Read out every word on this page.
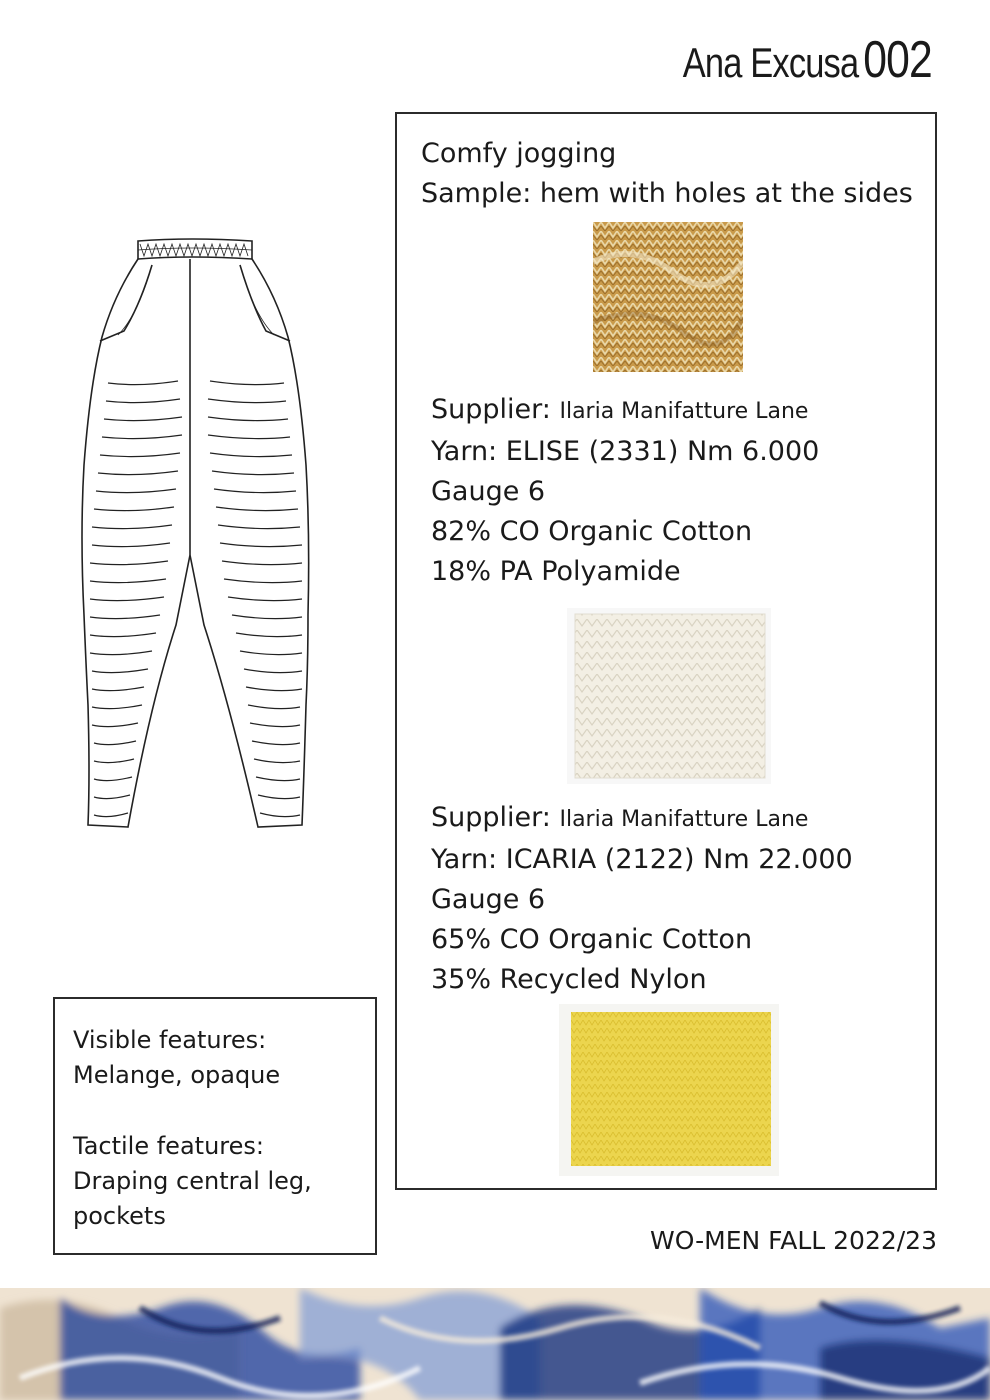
Ana Excusa002
Comfy jogging
Sample: hem with holes at the sides
Supplier: Ilaria Manifatture Lane
Yarn: ELISE (2331) Nm 6.000
Gauge 6
82% CO Organic Cotton
18% PA Polyamide
Supplier: Ilaria Manifatture Lane
Yarn: ICARIA (2122) Nm 22.000
Gauge 6
65% CO Organic Cotton
35% Recycled Nylon
Visible features:
Melange, opaque
Tactile features:
Draping central leg,
pockets
WO-MEN FALL 2022/23
